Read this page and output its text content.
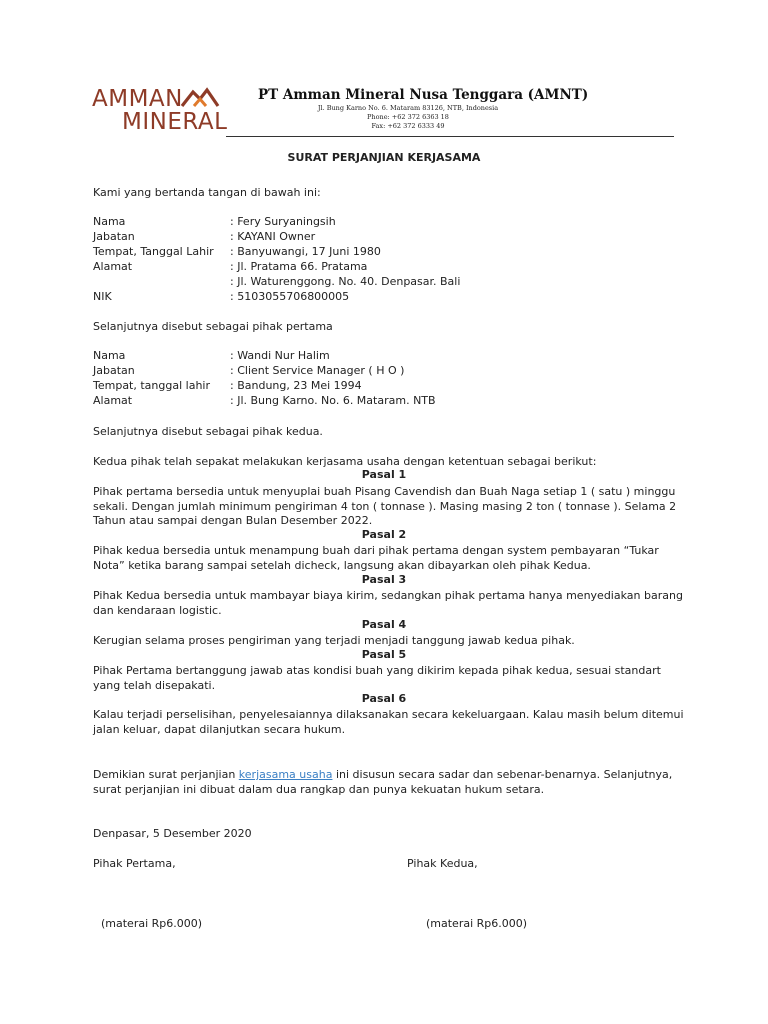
AMMAN
MINERAL
PT Amman Mineral Nusa Tenggara (AMNT)
Jl. Bung Karno No. 6. Mataram 83126, NTB, Indonesia
Phone: +62 372 6363 18
Fax: +62 372 6333 49
SURAT PERJANJIAN KERJASAMA
Kami yang bertanda tangan di bawah ini:
Nama	: Fery Suryaningsih
Jabatan	: KAYANI Owner
Tempat, Tanggal Lahir : Banyuwangi, 17 Juni 1980
Alamat	: Jl. Pratama 66. Pratama
: Jl. Waturenggong. No. 40. Denpasar. Bali
NIK	: 5103055706800005
Selanjutnya disebut sebagai pihak pertama
Nama	: Wandi Nur Halim
Jabatan	: Client Service Manager ( H O )
Tempat, tanggal lahir : Bandung, 23 Mei 1994
Alamat	: Jl. Bung Karno. No. 6. Mataram. NTB
Selanjutnya disebut sebagai pihak kedua.
Kedua pihak telah sepakat melakukan kerjasama usaha dengan ketentuan sebagai berikut:
Pasal 1
Pihak pertama bersedia untuk menyuplai buah Pisang Cavendish dan Buah Naga setiap 1 ( satu ) minggu
sekali. Dengan jumlah minimum pengiriman 4 ton ( tonnase ). Masing masing 2 ton ( tonnase ). Selama 2
Tahun atau sampai dengan Bulan Desember 2022.
Pasal 2
Pihak kedua bersedia untuk menampung buah dari pihak pertama dengan system pembayaran “Tukar
Nota” ketika barang sampai setelah dicheck, langsung akan dibayarkan oleh pihak Kedua.
Pasal 3
Pihak Kedua bersedia untuk mambayar biaya kirim, sedangkan pihak pertama hanya menyediakan barang
dan kendaraan logistic.
Pasal 4
Kerugian selama proses pengiriman yang terjadi menjadi tanggung jawab kedua pihak.
Pasal 5
Pihak Pertama bertanggung jawab atas kondisi buah yang dikirim kepada pihak kedua, sesuai standart
yang telah disepakati.
Pasal 6
Kalau terjadi perselisihan, penyelesaiannya dilaksanakan secara kekeluargaan. Kalau masih belum ditemui
jalan keluar, dapat dilanjutkan secara hukum.
Demikian surat perjanjian kerjasama usaha ini disusun secara sadar dan sebenar-benarnya. Selanjutnya,
surat perjanjian ini dibuat dalam dua rangkap dan punya kekuatan hukum setara.
Denpasar, 5 Desember 2020
Pihak Pertama,	Pihak Kedua,
(materai Rp6.000)	(materai Rp6.000)
